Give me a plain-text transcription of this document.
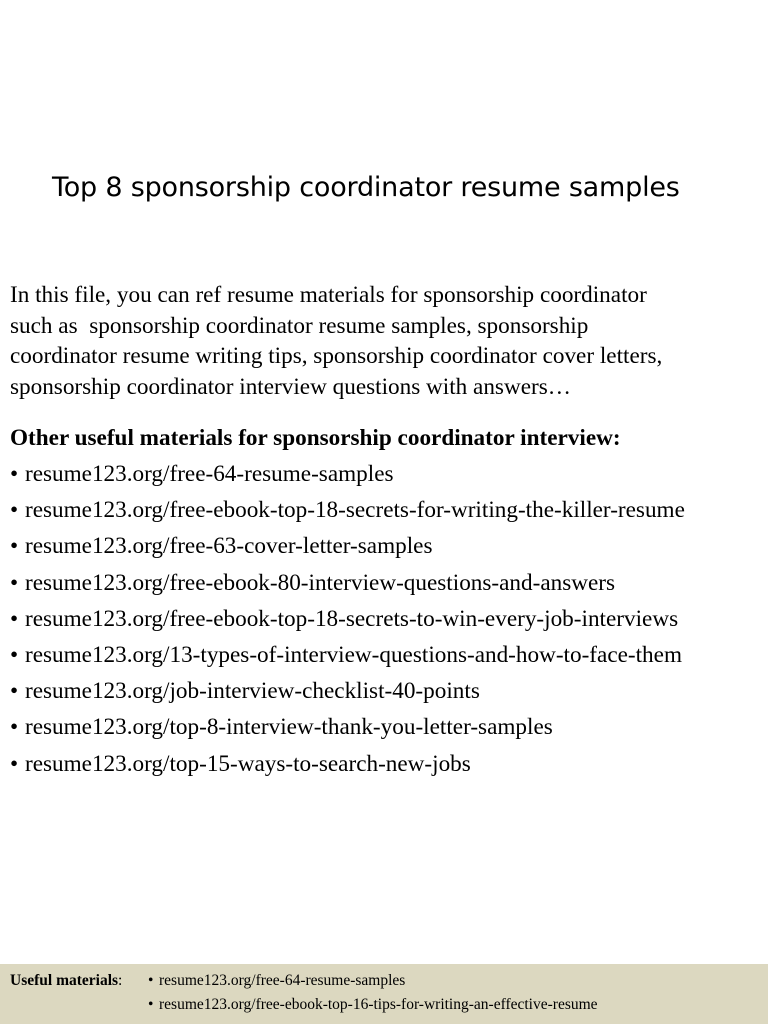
Top 8 sponsorship coordinator resume samples
In this file, you can ref resume materials for sponsorship coordinator
such as  sponsorship coordinator resume samples, sponsorship
coordinator resume writing tips, sponsorship coordinator cover letters,
sponsorship coordinator interview questions with answers…
Other useful materials for sponsorship coordinator interview:
• resume123.org/free-64-resume-samples
• resume123.org/free-ebook-top-18-secrets-for-writing-the-killer-resume
• resume123.org/free-63-cover-letter-samples
• resume123.org/free-ebook-80-interview-questions-and-answers
• resume123.org/free-ebook-top-18-secrets-to-win-every-job-interviews
• resume123.org/13-types-of-interview-questions-and-how-to-face-them
• resume123.org/job-interview-checklist-40-points
• resume123.org/top-8-interview-thank-you-letter-samples
• resume123.org/top-15-ways-to-search-new-jobs
Useful materials: • resume123.org/free-64-resume-samples
• resume123.org/free-ebook-top-16-tips-for-writing-an-effective-resume
